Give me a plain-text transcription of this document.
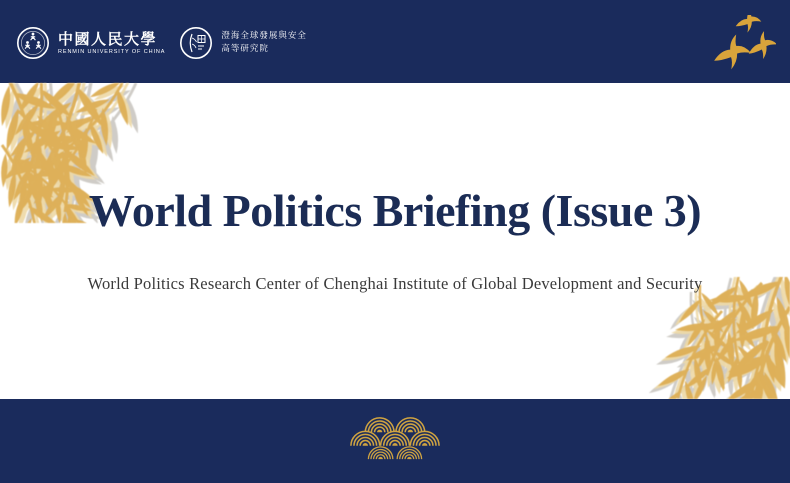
中國人民大學
RENMIN UNIVERSITY OF CHINA
澄海全球發展與安全
高等研究院
World Politics Briefing (Issue 3)
World Politics Research Center of Chenghai Institute of Global Development and Security
